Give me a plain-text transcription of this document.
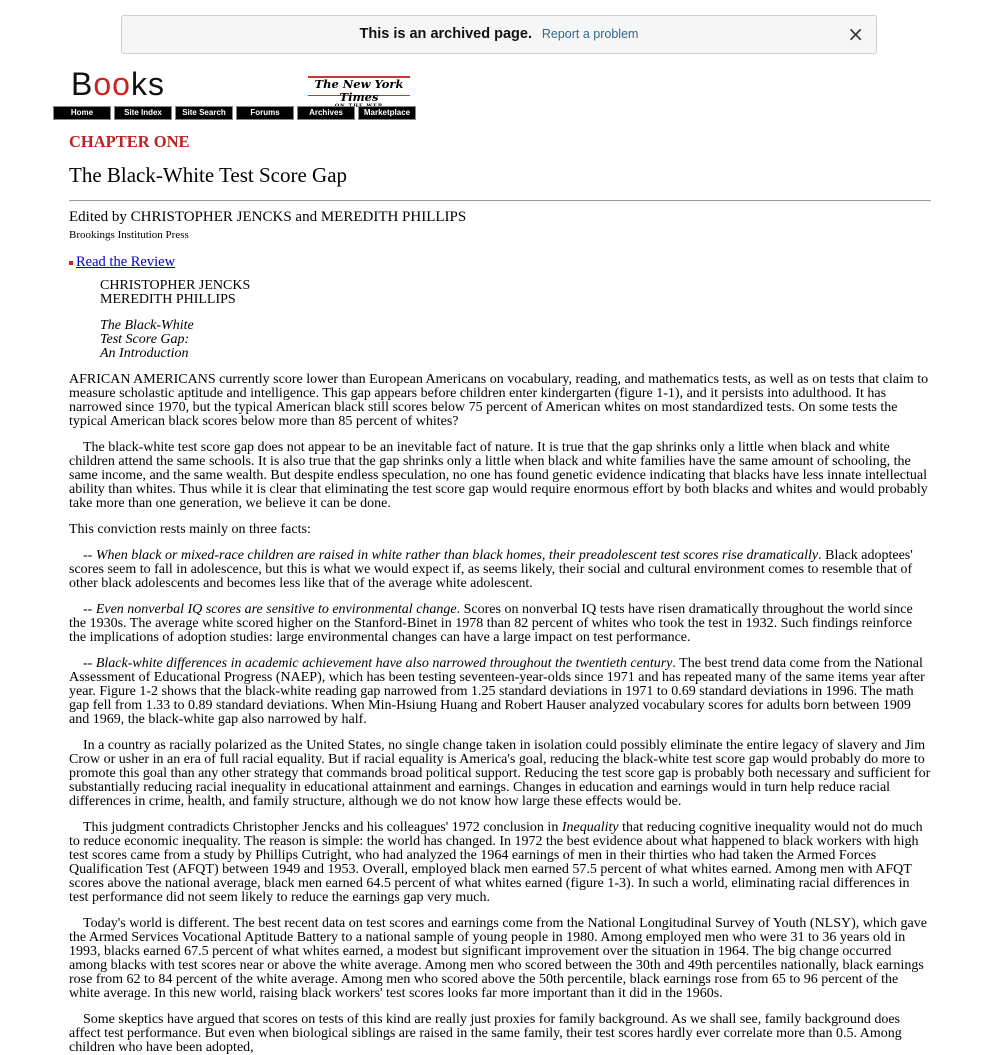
This is an archived page. Report a problem	×
Books	The New York Times
THE
Home	Site Index	Site Search	Forums	Archives	Marketplace
CHAPTER ONE
The Black-White Test Score Gap
Edited by CHRISTOPHER JENCKS and MEREDITH PHILLIPS
Brookings Institution Press
Read the Review
CHRISTOPHER JENCKS
MEREDITH PHILLIPS
The Black-White
Test Score Gap:
An Introduction

AFRICAN AMERICANS currently score lower than European Americans on vocabulary, reading, and mathematics tests, as well as on tests that claim to measure scholastic aptitude and intelligence. This gap appears before children enter kindergarten (figure 1-1), and it persists into adulthood. It has narrowed since 1970, but the typical American black still scores below 75 percent of American whites on most standardized tests. On some tests the typical American black scores below more than 85 percent of whites?

The black-white test score gap does not appear to be an inevitable fact of nature. It is true that the gap shrinks only a little when black and white children attend the same schools. It is also true that the gap shrinks only a little when black and white families have the same amount of schooling, the same income, and the same wealth. But despite endless speculation, no one has found genetic evidence indicating that blacks have less innate intellectual ability than whites. Thus while it is clear that eliminating the test score gap would require enormous effort by both blacks and whites and would probably take more than one generation, we believe it can be done.

This conviction rests mainly on three facts:

-- When black or mixed-race children are raised in white rather than black homes, their preadolescent test scores rise dramatically. Black adoptees' scores seem to fall in adolescence, but this is what we would expect if, as seems likely, their social and cultural environment comes to resemble that of other black adolescents and becomes less like that of the average white adolescent.

-- Even nonverbal IQ scores are sensitive to environmental change. Scores on nonverbal IQ tests have risen dramatically throughout the world since the 1930s. The average white scored higher on the Stanford-Binet in 1978 than 82 percent of whites who took the test in 1932. Such findings reinforce the implications of adoption studies: large environmental changes can have a large impact on test performance.

-- Black-white differences in academic achievement have also narrowed throughout the twentieth century. The best trend data come from the National Assessment of Educational Progress (NAEP), which has been testing seventeen-year-olds since 1971 and has repeated many of the same items year after year. Figure 1-2 shows that the black-white reading gap narrowed from 1.25 standard deviations in 1971 to 0.69 standard deviations in 1996. The math gap fell from 1.33 to 0.89 standard deviations. When Min-Hsiung Huang and Robert Hauser analyzed vocabulary scores for adults born between 1909 and 1969, the black-white gap also narrowed by half.

In a country as racially polarized as the United States, no single change taken in isolation could possibly eliminate the entire legacy of slavery and Jim Crow or usher in an era of full racial equality. But if racial equality is America's goal, reducing the black-white test score gap would probably do more to promote this goal than any other strategy that commands broad political support. Reducing the test score gap is probably both necessary and sufficient for substantially reducing racial inequality in educational attainment and earnings. Changes in education and earnings would in turn help reduce racial differences in crime, health, and family structure, although we do not know how large these effects would be.

This judgment contradicts Christopher Jencks and his colleagues' 1972 conclusion in Inequality that reducing cognitive inequality would not do much to reduce economic inequality. The reason is simple: the world has changed. In 1972 the best evidence about what happened to black workers with high test scores came from a study by Phillips Cutright, who had analyzed the 1964 earnings of men in their thirties who had taken the Armed Forces Qualification Test (AFQT) between 1949 and 1953. Overall, employed black men earned 57.5 percent of what whites earned. Among men with AFQT scores above the national average, black men earned 64.5 percent of what whites earned (figure 1-3). In such a world, eliminating racial differences in test performance did not seem likely to reduce the earnings gap very much.

Today's world is different. The best recent data on test scores and earnings come from the National Longitudinal Survey of Youth (NLSY), which gave the Armed Services Vocational Aptitude Battery to a national sample of young people in 1980. Among employed men who were 31 to 36 years old in 1993, blacks earned 67.5 percent of what whites earned, a modest but significant improvement over the situation in 1964. The big change occurred among blacks with test scores near or above the white average. Among men who scored between the 30th and 49th percentiles nationally, black earnings rose from 62 to 84 percent of the white average. Among men who scored above the 50th percentile, black earnings rose from 65 to 96 percent of the white average. In this new world, raising black workers' test scores looks far more important than it did in the 1960s.

Some skeptics have argued that scores on tests of this kind are really just proxies for family background. As we shall see, family background does affect test performance. But even when biological siblings are raised in the same family, their test scores hardly ever correlate more than 0.5. Among children who have been adopted,
